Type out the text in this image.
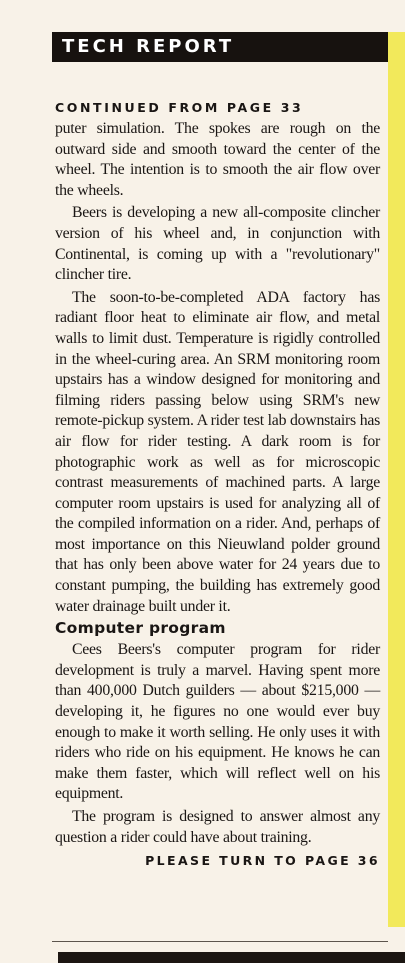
TECH REPORT
CONTINUED FROM PAGE 33

puter simulation. The spokes are rough on the outward side and smooth toward the center of the wheel. The intention is to smooth the air flow over the wheels.

Beers is developing a new all-composite clincher version of his wheel and, in conjunction with Continental, is coming up with a "revolutionary" clincher tire.

The soon-to-be-completed ADA factory has radiant floor heat to eliminate air flow, and metal walls to limit dust. Temperature is rigidly controlled in the wheel-curing area. An SRM monitoring room upstairs has a window designed for monitoring and filming riders passing below using SRM's new remote-pickup system. A rider test lab downstairs has air flow for rider testing. A dark room is for photographic work as well as for microscopic contrast measurements of machined parts. A large computer room upstairs is used for analyzing all of the compiled information on a rider. And, perhaps of most importance on this Nieuwland polder ground that has only been above water for 24 years due to constant pumping, the building has extremely good water drainage built under it.

Computer program

Cees Beers's computer program for rider development is truly a marvel. Having spent more than 400,000 Dutch guilders — about $215,000 — developing it, he figures no one would ever buy enough to make it worth selling. He only uses it with riders who ride on his equipment. He knows he can make them faster, which will reflect well on his equipment.

The program is designed to answer almost any question a rider could have about training.

PLEASE TURN TO PAGE 36
